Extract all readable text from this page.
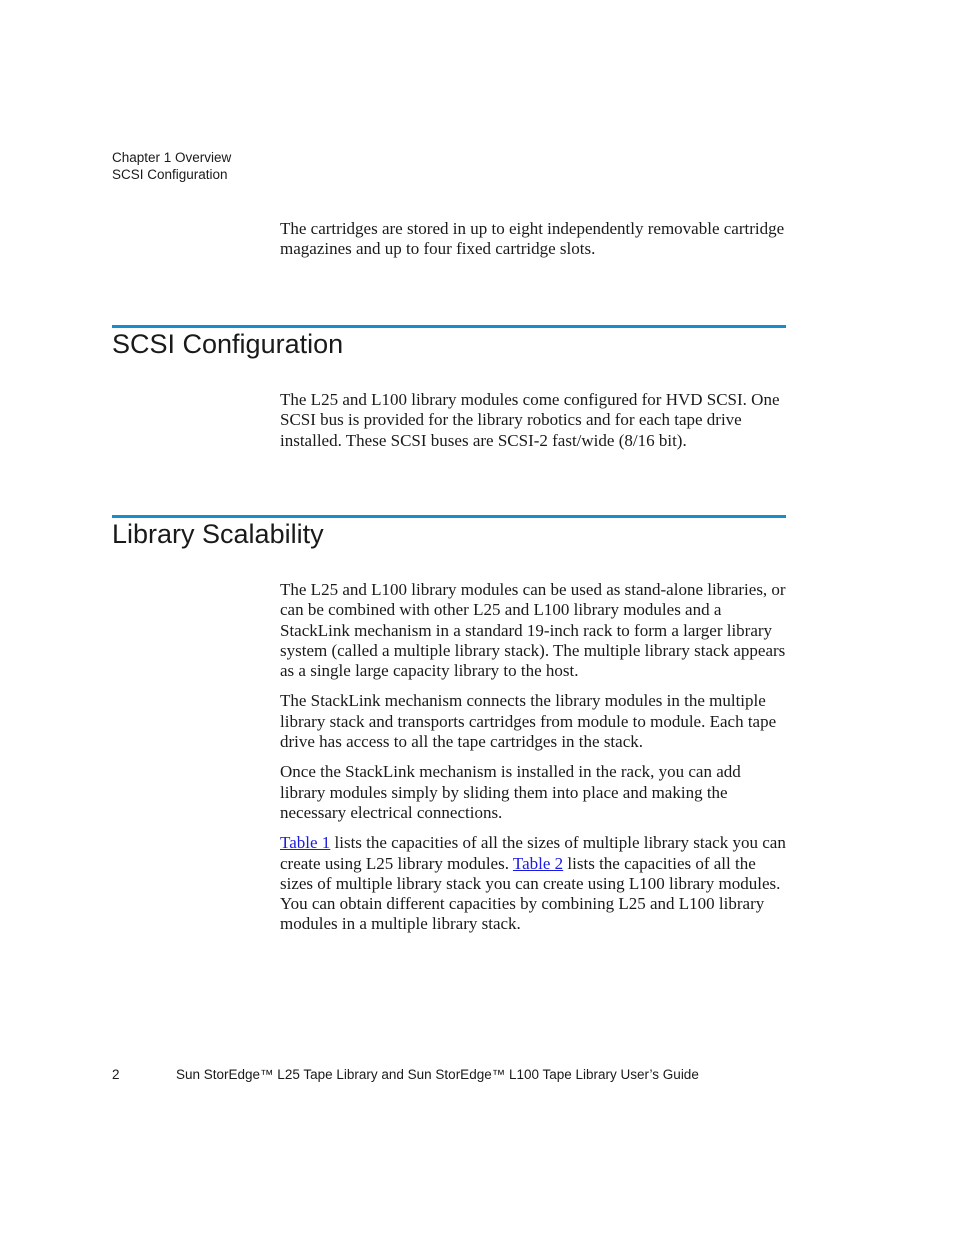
Chapter 1 Overview
SCSI Configuration

The cartridges are stored in up to eight independently removable cartridge magazines and up to four fixed cartridge slots.

SCSI Configuration

The L25 and L100 library modules come configured for HVD SCSI. One SCSI bus is provided for the library robotics and for each tape drive installed. These SCSI buses are SCSI-2 fast/wide (8/16 bit).

Library Scalability

The L25 and L100 library modules can be used as stand-alone libraries, or can be combined with other L25 and L100 library modules and a StackLink mechanism in a standard 19-inch rack to form a larger library system (called a multiple library stack). The multiple library stack appears as a single large capacity library to the host.

The StackLink mechanism connects the library modules in the multiple library stack and transports cartridges from module to module. Each tape drive has access to all the tape cartridges in the stack.

Once the StackLink mechanism is installed in the rack, you can add library modules simply by sliding them into place and making the necessary electrical connections.

Table 1 lists the capacities of all the sizes of multiple library stack you can create using L25 library modules. Table 2 lists the capacities of all the sizes of multiple library stack you can create using L100 library modules. You can obtain different capacities by combining L25 and L100 library modules in a multiple library stack.

2	Sun StorEdge™ L25 Tape Library and Sun StorEdge™ L100 Tape Library User’s Guide
